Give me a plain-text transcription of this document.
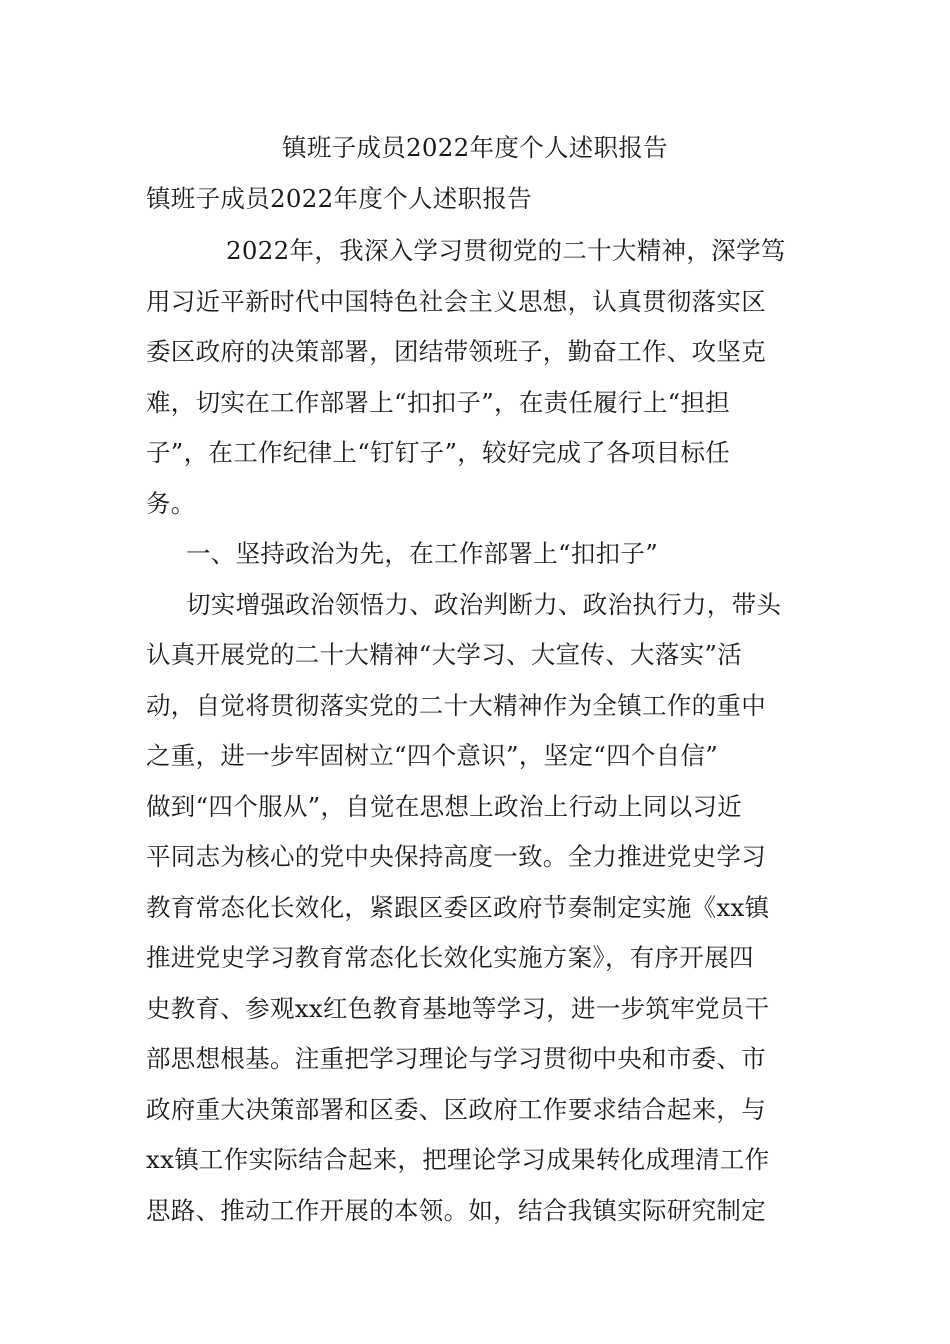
镇班子成员2022年度个人述职报告
镇班子成员2022年度个人述职报告
2022年，我深入学习贯彻党的二十大精神，深学笃
用习近平新时代中国特色社会主义思想，认真贯彻落实区
委区政府的决策部署，团结带领班子，勤奋工作、攻坚克
难，切实在工作部署上“扣扣子”，在责任履行上“担担
子”，在工作纪律上“钉钉子”，较好完成了各项目标任
务。
一、坚持政治为先，在工作部署上“扣扣子”
切实增强政治领悟力、政治判断力、政治执行力，带头
认真开展党的二十大精神“大学习、大宣传、大落实”活
动，自觉将贯彻落实党的二十大精神作为全镇工作的重中
之重，进一步牢固树立“四个意识”，坚定“四个自信”
做到“四个服从”，自觉在思想上政治上行动上同以习近
平同志为核心的党中央保持高度一致。全力推进党史学习
教育常态化长效化，紧跟区委区政府节奏制定实施《xx镇
推进党史学习教育常态化长效化实施方案》，有序开展四
史教育、参观xx红色教育基地等学习，进一步筑牢党员干
部思想根基。注重把学习理论与学习贯彻中央和市委、市
政府重大决策部署和区委、区政府工作要求结合起来，与
xx镇工作实际结合起来，把理论学习成果转化成理清工作
思路、推动工作开展的本领。如，结合我镇实际研究制定
